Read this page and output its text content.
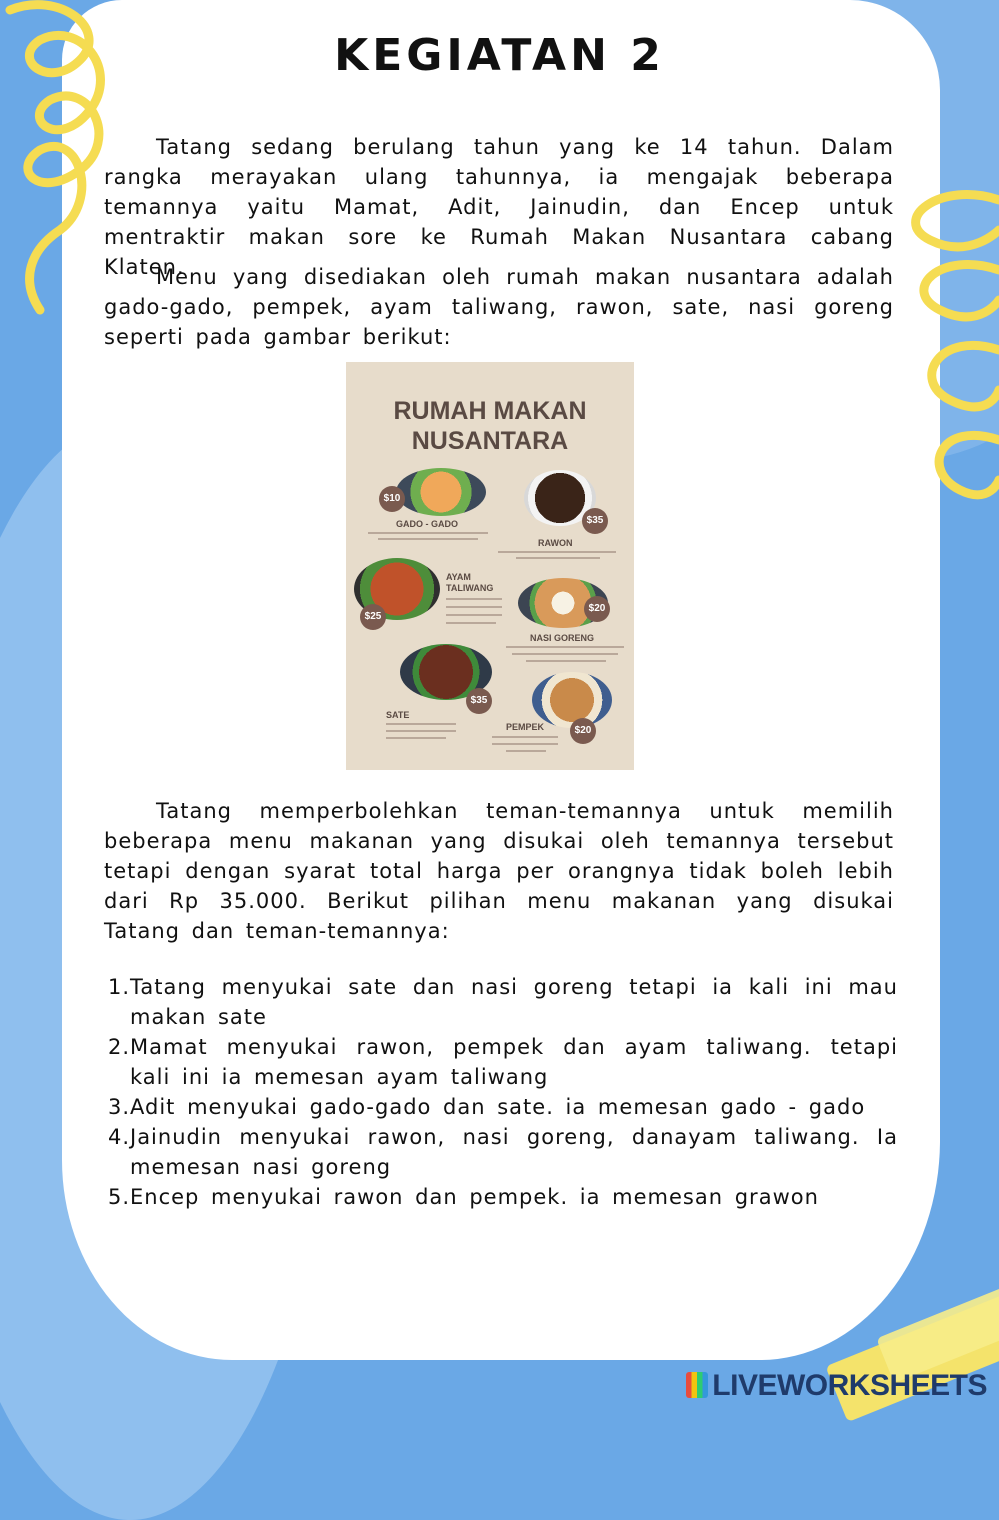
KEGIATAN 2
Tatang sedang berulang tahun yang ke 14 tahun. Dalam rangka merayakan ulang tahunnya, ia mengajak beberapa temannya yaitu Mamat, Adit, Jainudin, dan Encep untuk mentraktir makan sore ke Rumah Makan Nusantara cabang Klaten.
Menu yang disediakan oleh rumah makan nusantara adalah gado-gado, pempek, ayam taliwang, rawon, sate, nasi goreng seperti pada gambar berikut:
RUMAH MAKAN
NUSANTARA
$10
GADO - GADO	$35
RAWON
$25
AYAM TALIWANG
$20
NASI GORENG
$35
SATE
$20
PEMPEK
Tatang memperbolehkan teman-temannya untuk memilih beberapa menu makanan yang disukai oleh temannya tersebut tetapi dengan syarat total harga per orangnya tidak boleh lebih dari Rp 35.000. Berikut pilihan menu makanan yang disukai Tatang dan teman-temannya:
1. Tatang menyukai sate dan nasi goreng tetapi ia kali ini mau makan sate
2. Mamat menyukai rawon, pempek dan ayam taliwang. tetapi kali ini ia memesan ayam taliwang
3. Adit menyukai gado-gado dan sate. ia memesan gado - gado
4. Jainudin menyukai rawon, nasi goreng, danayam taliwang. Ia memesan nasi goreng
5. Encep menyukai rawon dan pempek. ia memesan grawon
LIVEWORKSHEETS
